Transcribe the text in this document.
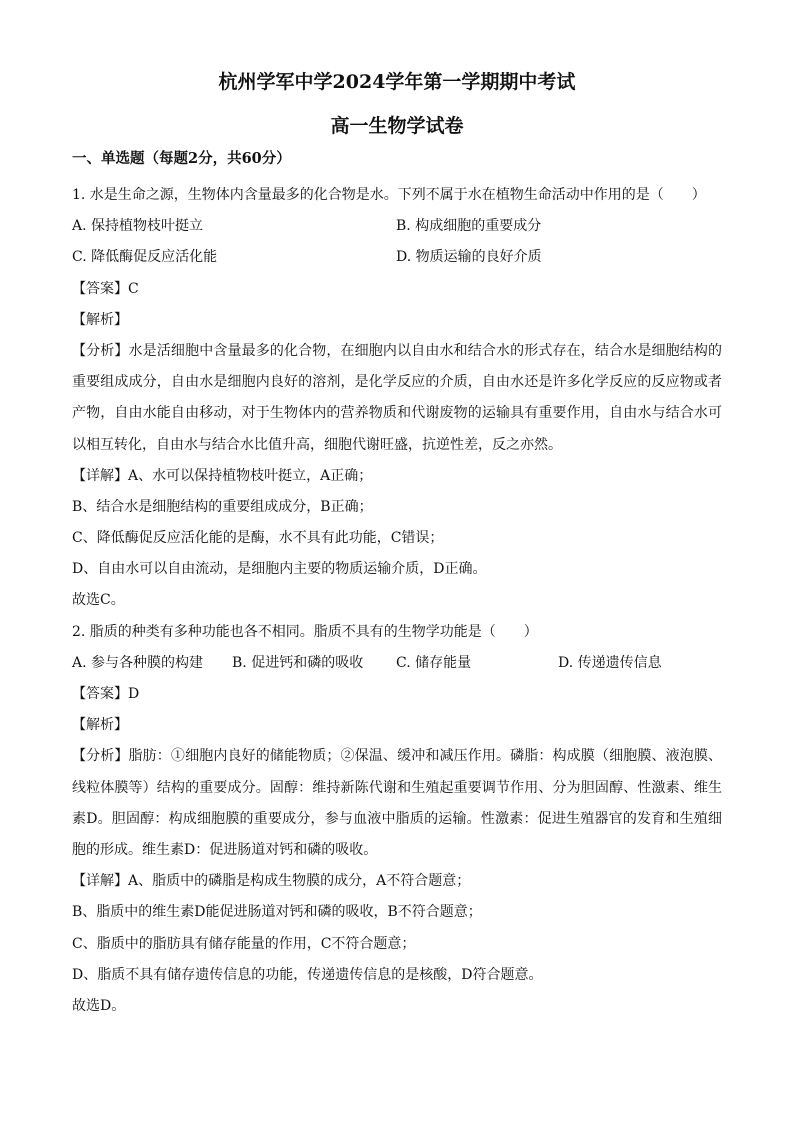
杭州学军中学2024学年第一学期期中考试
高一生物学试卷
一、单选题（每题2分，共60分）
1. 水是生命之源，生物体内含量最多的化合物是水。下列不属于水在植物生命活动中作用的是（　　）
A. 保持植物枝叶挺立	B. 构成细胞的重要成分
C. 降低酶促反应活化能	D. 物质运输的良好介质
【答案】C
【解析】
【分析】水是活细胞中含量最多的化合物，在细胞内以自由水和结合水的形式存在，结合水是细胞结构的
重要组成成分，自由水是细胞内良好的溶剂，是化学反应的介质，自由水还是许多化学反应的反应物或者
产物，自由水能自由移动，对于生物体内的营养物质和代谢废物的运输具有重要作用，自由水与结合水可
以相互转化，自由水与结合水比值升高，细胞代谢旺盛，抗逆性差，反之亦然。
【详解】A、水可以保持植物枝叶挺立，A正确；
B、结合水是细胞结构的重要组成成分，B正确；
C、降低酶促反应活化能的是酶，水不具有此功能，C错误；
D、自由水可以自由流动，是细胞内主要的物质运输介质，D正确。
故选C。
2. 脂质的种类有多种功能也各不相同。脂质不具有的生物学功能是（　　）
A. 参与各种膜的构建	B. 促进钙和磷的吸收	C. 储存能量	D. 传递遗传信息
【答案】D
【解析】
【分析】脂肪：①细胞内良好的储能物质；②保温、缓冲和减压作用。磷脂：构成膜（细胞膜、液泡膜、
线粒体膜等）结构的重要成分。固醇：维持新陈代谢和生殖起重要调节作用、分为胆固醇、性激素、维生
素D。胆固醇：构成细胞膜的重要成分，参与血液中脂质的运输。性激素：促进生殖器官的发育和生殖细
胞的形成。维生素D：促进肠道对钙和磷的吸收。
【详解】A、脂质中的磷脂是构成生物膜的成分，A不符合题意；
B、脂质中的维生素D能促进肠道对钙和磷的吸收，B不符合题意；
C、脂质中的脂肪具有储存能量的作用，C不符合题意；
D、脂质不具有储存遗传信息的功能，传递遗传信息的是核酸，D符合题意。
故选D。
